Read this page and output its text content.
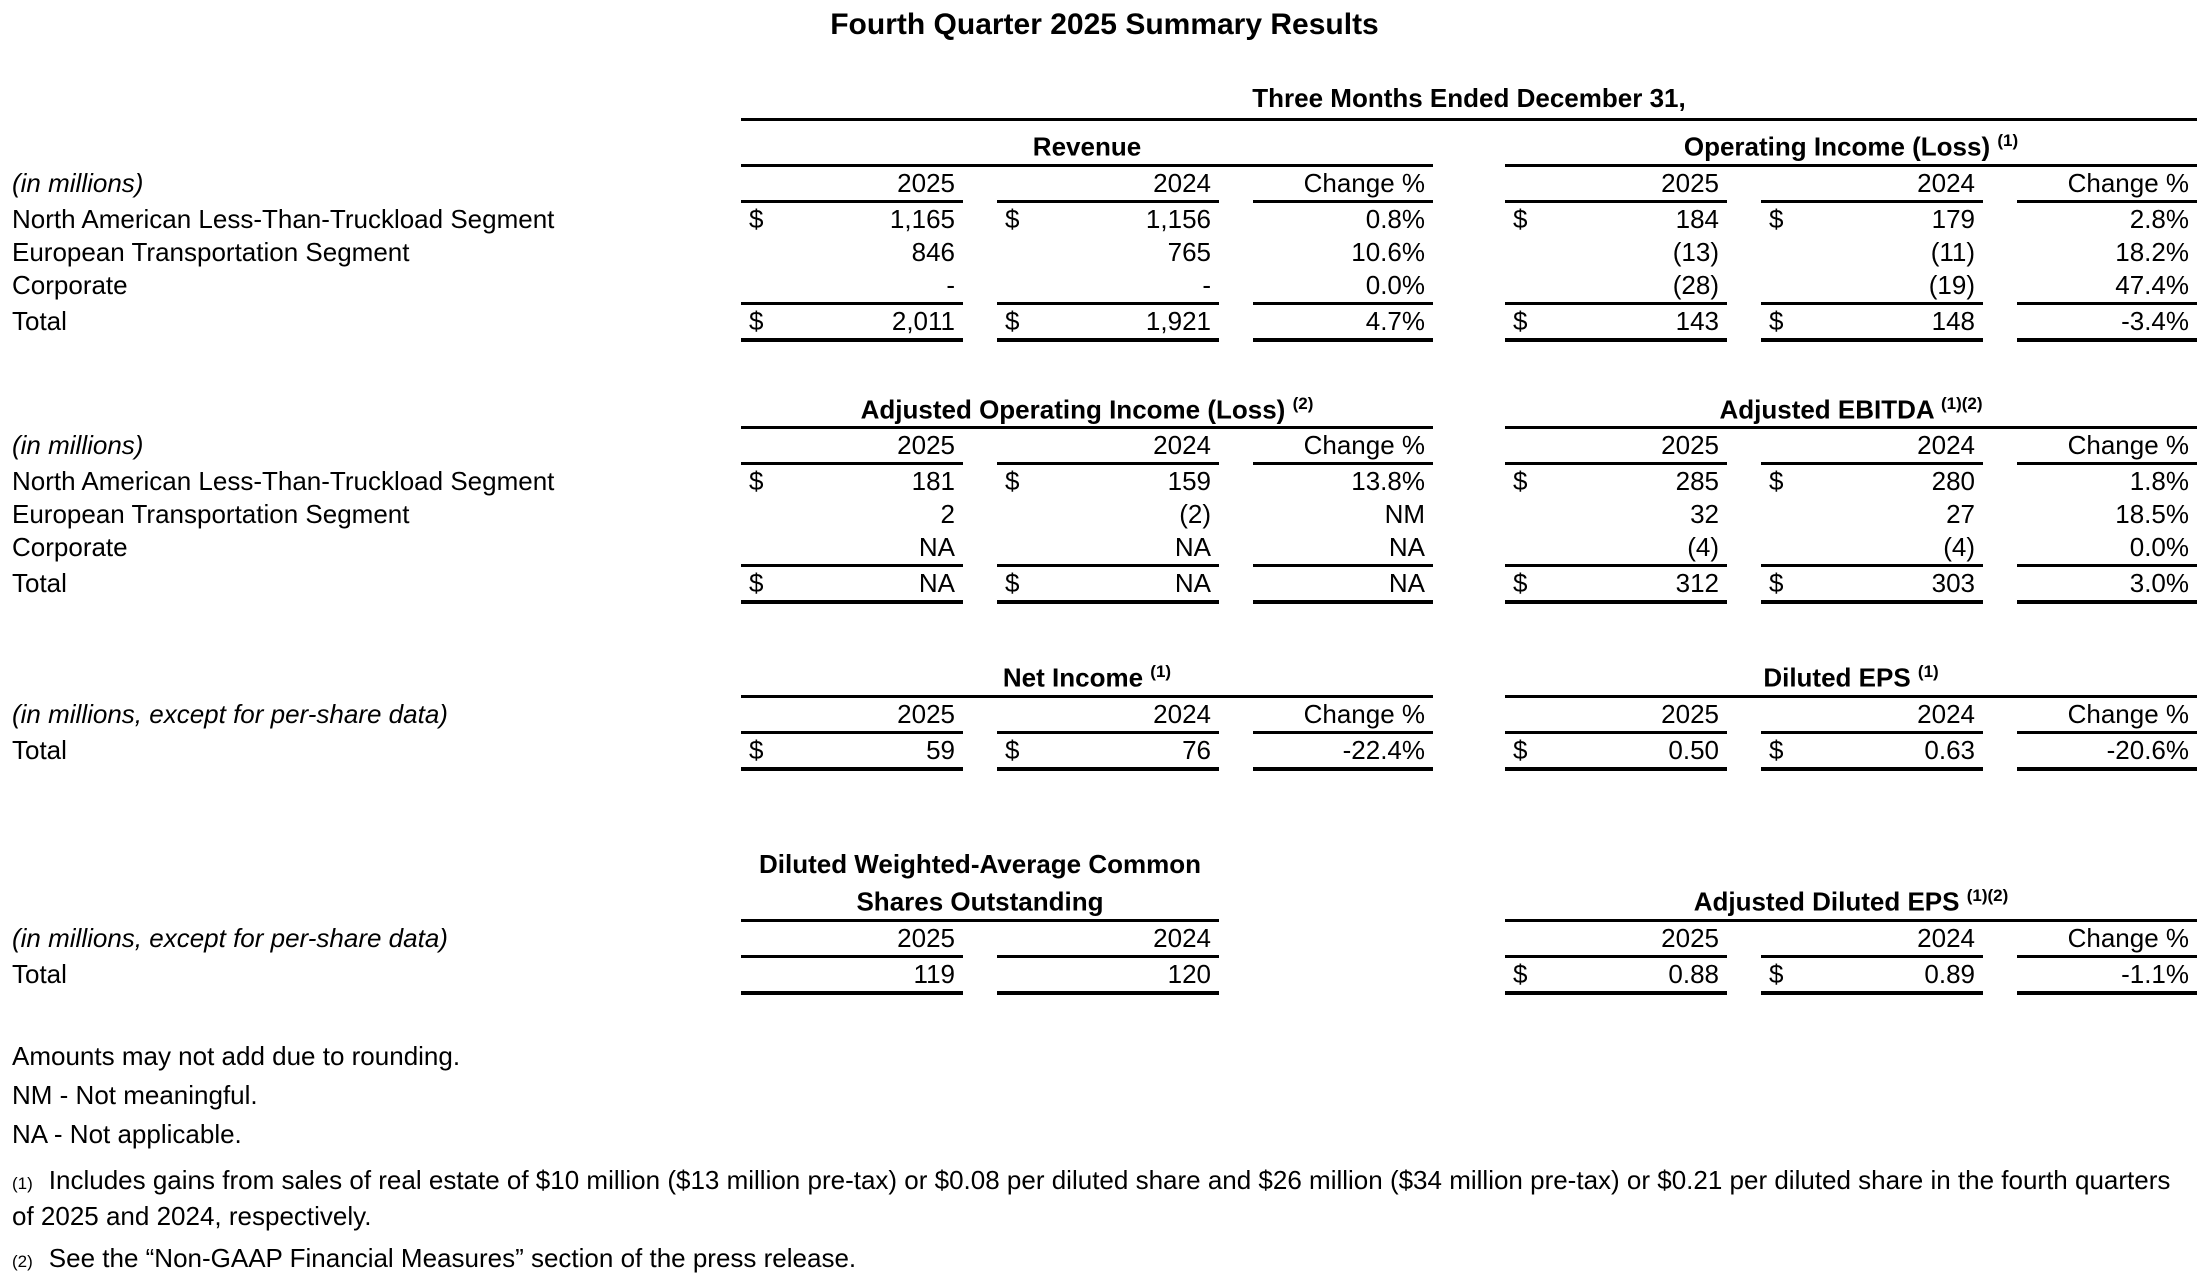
Fourth Quarter 2025 Summary Results
Three Months Ended December 31,
Revenue	Operating Income (Loss) $^{(1)}$
(in millions)	2025	2024	Change %	2025	2024	Change %
North American Less-Than-Truckload Segment	$	1,165 $	1,156	0.8%	$	184 $	179	2.8%
European Transportation Segment	846	765	10.6%	(13)	(11)	18.2%
Corporate	-	-	0.0%	(28)	(19)	47.4%
Total	$	2,011 $	1,921	4.7%	$	143 $	148	-3.4%
Adjusted Operating Income (Loss) $^{(2)}$	Adjusted EBITDA $^{(1)(2)}$
(in millions)	2025	2024	Change %	2025	2024	Change %
North American Less-Than-Truckload Segment	$	181 $	159	13.8%	$	285 $	280	1.8%
European Transportation Segment	2	(2)	NM	32	27	18.5%
Corporate	NA	NA	NA	(4)	(4)	0.0%
Total	$	NA $	NA	NA	$	312 $	303	3.0%
Net Income $^{(1)}$	Diluted EPS $^{(1)}$
(in millions, except for per-share data)	2025	2024	Change %	2025	2024	Change %
Total	$	59 $	76	-22.4%	$	0.50 $	0.63	-20.6%
Diluted Weighted-Average Common Shares Outstanding	Adjusted Diluted EPS $^{(1)(2)}$
(in millions, except for per-share data)	2025	2024	2025	2024	Change %
Total	119	120	$	0.88 $	0.89	-1.1%

Amounts may not add due to rounding.

NM - Not meaningful.

NA - Not applicable.

(1) Includes gains from sales of real estate of $10 million ($13 million pre-tax) or $0.08 per diluted share and $26 million ($34 million pre-tax) or $0.21 per diluted share in the fourth quarters of 2025 and 2024, respectively.

(2) See the “Non-GAAP Financial Measures” section of the press release.
